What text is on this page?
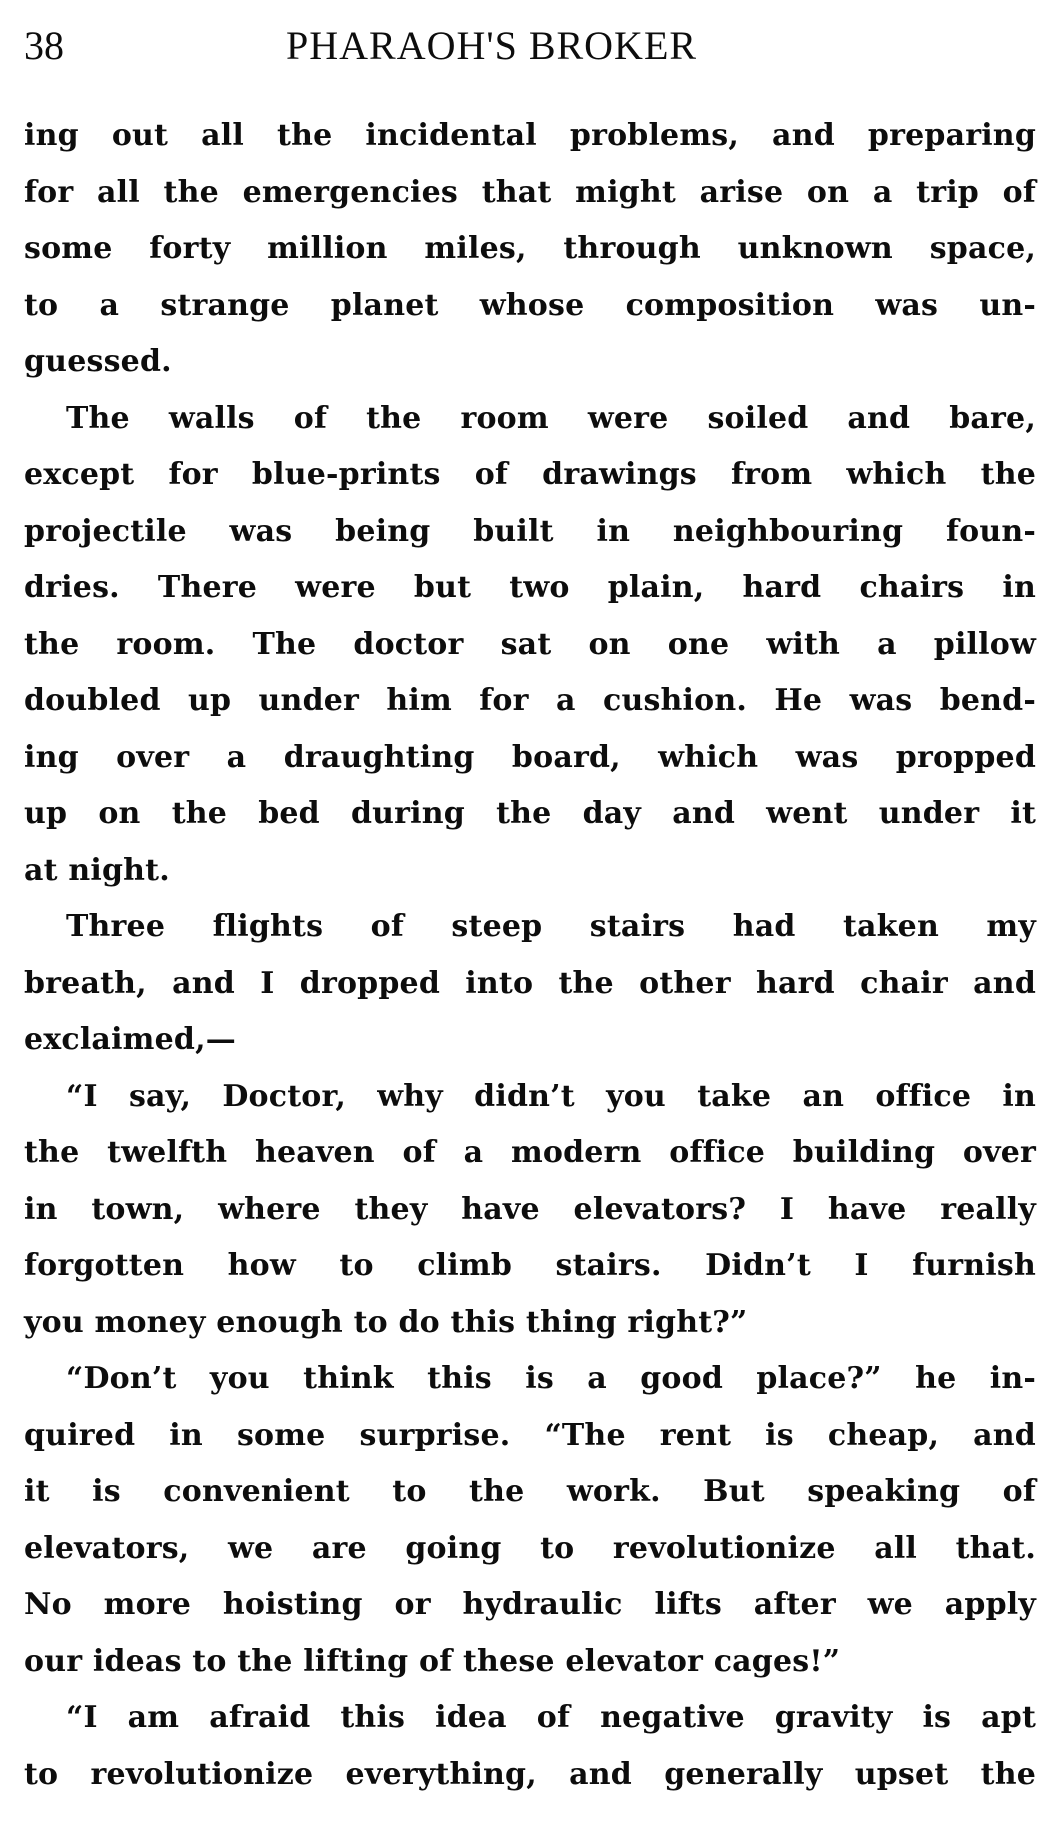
38	PHARAOH'S BROKER
ing out all the incidental problems, and preparing
for all the emergencies that might arise on a trip of
some forty million miles, through unknown space,
to a strange planet whose composition was un-
guessed.
The walls of the room were soiled and bare,
except for blue-prints of drawings from which the
projectile was being built in neighbouring foun-
dries. There were but two plain, hard chairs in
the room. The doctor sat on one with a pillow
doubled up under him for a cushion. He was bend-
ing over a draughting board, which was propped
up on the bed during the day and went under it
at night.
Three flights of steep stairs had taken my
breath, and I dropped into the other hard chair and
exclaimed,—
“I say, Doctor, why didn’t you take an office in
the twelfth heaven of a modern office building over
in town, where they have elevators? I have really
forgotten how to climb stairs. Didn’t I furnish
you money enough to do this thing right?”
“Don’t you think this is a good place?” he in-
quired in some surprise. “The rent is cheap, and
it is convenient to the work. But speaking of
elevators, we are going to revolutionize all that.
No more hoisting or hydraulic lifts after we apply
our ideas to the lifting of these elevator cages!”
“I am afraid this idea of negative gravity is apt
to revolutionize everything, and generally upset the
